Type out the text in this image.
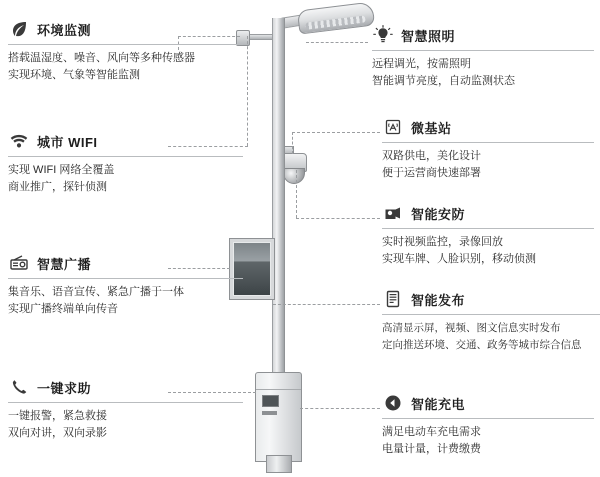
环境监测
搭载温湿度、噪音、风向等多种传感器
实现环境、气象等智能监测
城市 WIFI
实现 WIFI 网络全覆盖
商业推广，探针侦测
智慧广播
集音乐、语音宣传、紧急广播于一体
实现广播终端单向传音
一键求助
一键报警，紧急救援
双向对讲，双向录影
智慧照明
远程调光，按需照明
智能调节亮度，自动监测状态
微基站
双路供电，美化设计
便于运营商快速部署
智能安防
实时视频监控，录像回放
实现车牌、人脸识别，移动侦测
智能发布
高清显示屏，视频、图文信息实时发布
定向推送环境、交通、政务等城市综合信息
智能充电
满足电动车充电需求
电量计量，计费缴费
